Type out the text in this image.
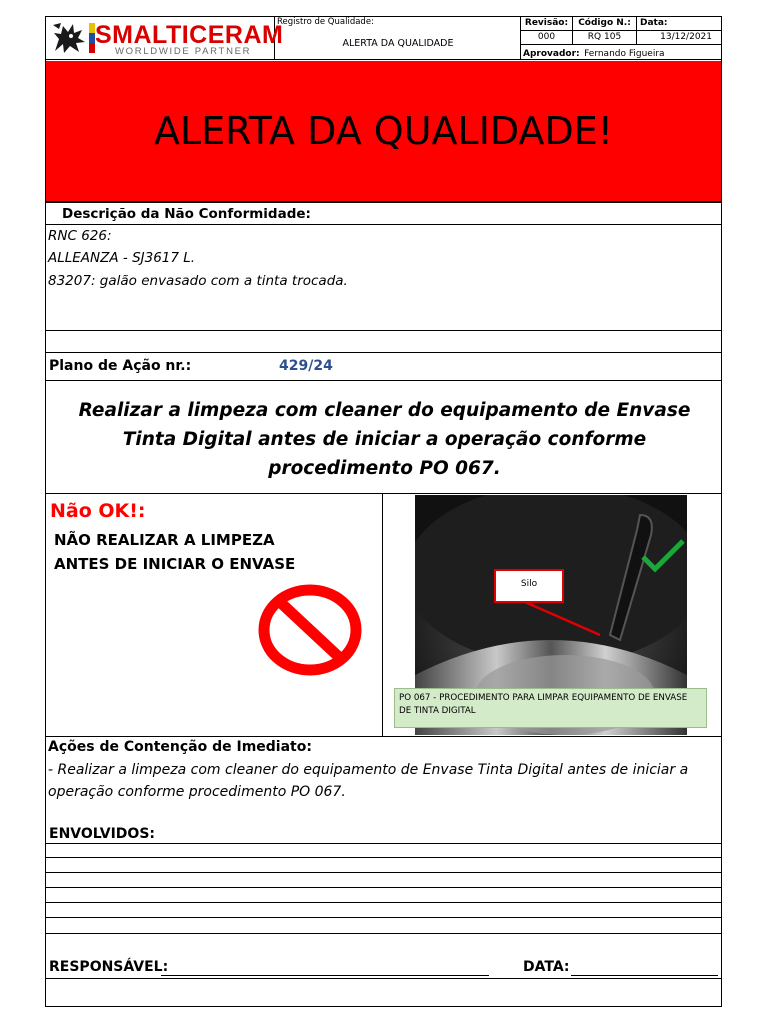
SMALTICERAM
WORLDWIDE PARTNER
Registro de Qualidade:
ALERTA DA QUALIDADE
Revisão:	Código N.:	Data:
000	RQ 105	13/12/2021
Aprovador: Fernando Figueira
ALERTA DA QUALIDADE!
Descrição da Não Conformidade:
RNC 626:
ALLEANZA - SJ3617 L.
83207: galão envasado com a tinta trocada.
Plano de Ação nr.:	429/24
Realizar a limpeza com cleaner do equipamento de Envase Tinta Digital antes de iniciar a operação conforme procedimento PO 067.
Não OK!:
NÃO REALIZAR A LIMPEZA
ANTES DE INICIAR O ENVASE
Silo
PO 067 - PROCEDIMENTO PARA LIMPAR EQUIPAMENTO DE ENVASE DE TINTA DIGITAL
Ações de Contenção de Imediato:
- Realizar a limpeza com cleaner do equipamento de Envase Tinta Digital antes de iniciar a operação conforme procedimento PO 067.
ENVOLVIDOS:
RESPONSÁVEL:	DATA:
